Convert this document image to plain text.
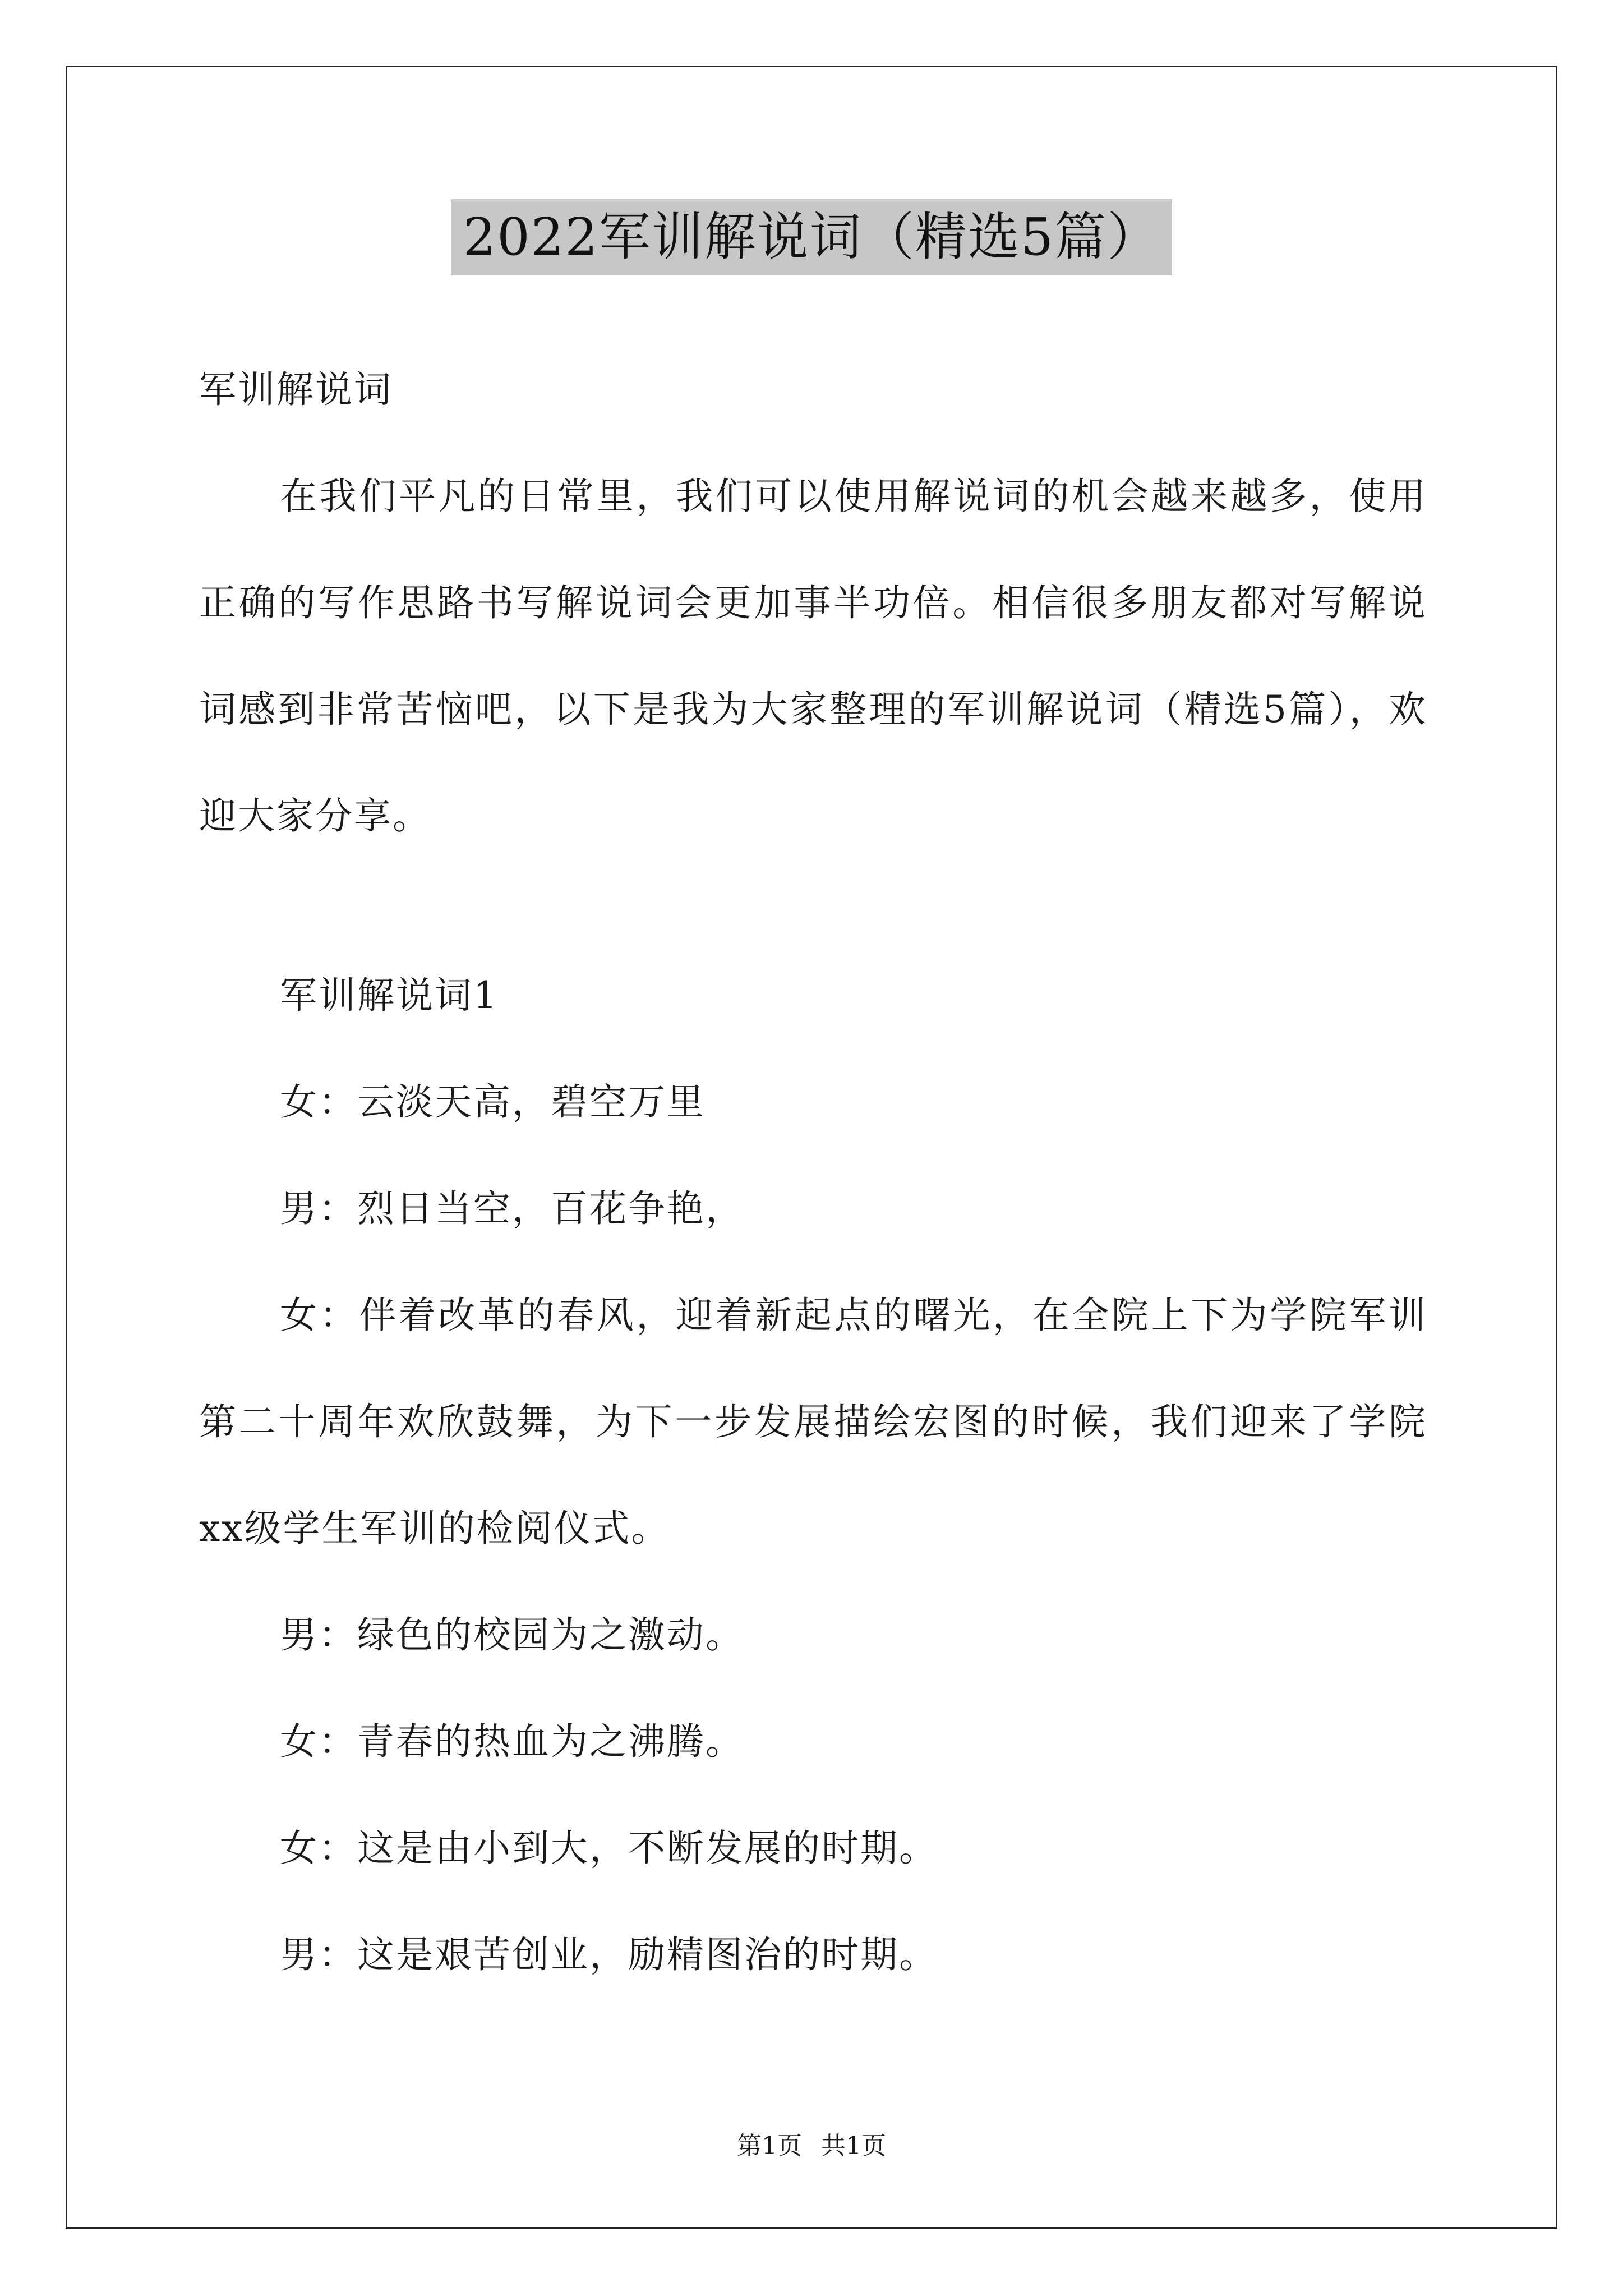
2022军训解说词（精选5篇）

军训解说词

在我们平凡的日常里，我们可以使用解说词的机会越来越多，使用正确的写作思路书写解说词会更加事半功倍。相信很多朋友都对写解说词感到非常苦恼吧，以下是我为大家整理的军训解说词（精选5篇），欢迎大家分享。

军训解说词1

女：云淡天高，碧空万里

男：烈日当空，百花争艳，

女：伴着改革的春风，迎着新起点的曙光，在全院上下为学院军训第二十周年欢欣鼓舞，为下一步发展描绘宏图的时候，我们迎来了学院xx级学生军训的检阅仪式。

男：绿色的校园为之激动。

女：青春的热血为之沸腾。

女：这是由小到大，不断发展的时期。

男：这是艰苦创业，励精图治的时期。

第1页 共1页
